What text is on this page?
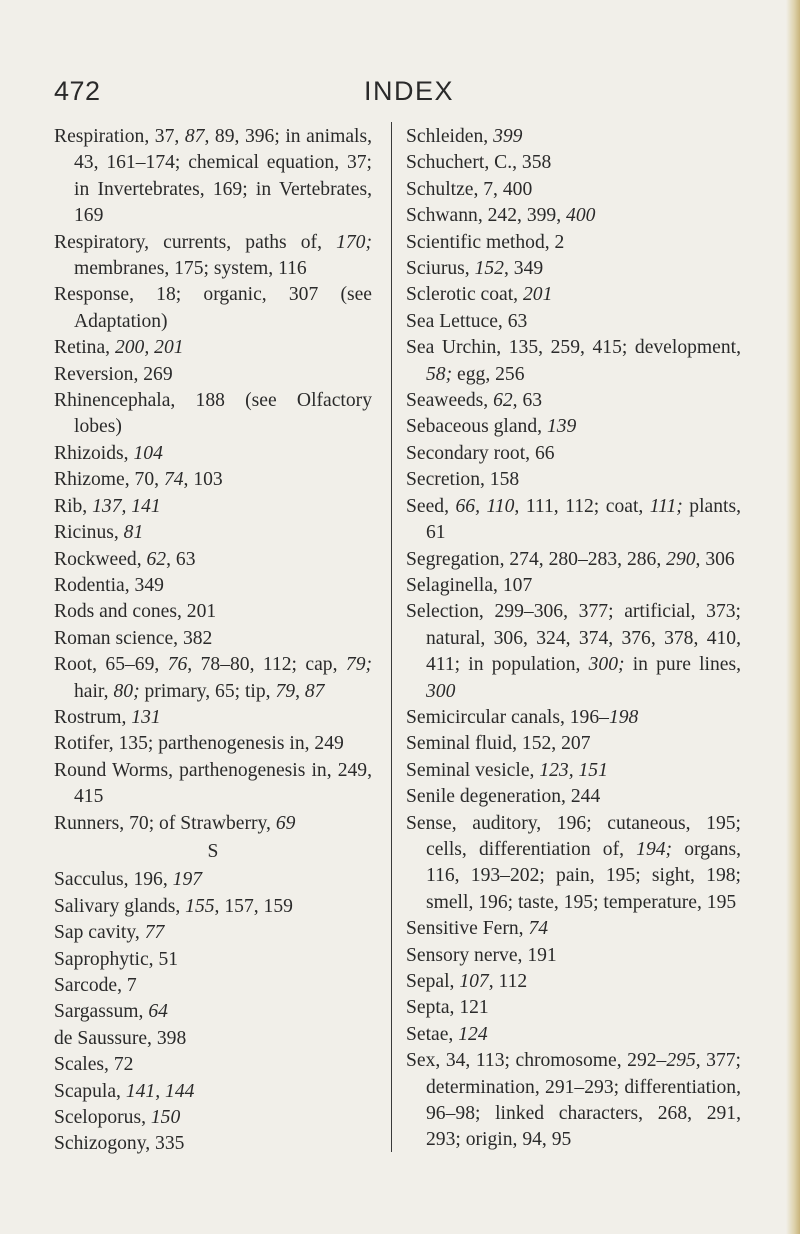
472	INDEX
Respiration, 37, 87, 89, 396; in animals, 43, 161–174; chemical equation, 37; in Invertebrates, 169; in Vertebrates, 169
Respiratory, currents, paths of, 170; membranes, 175; system, 116
Response, 18; organic, 307 (see Adaptation)
Retina, 200, 201
Reversion, 269
Rhinencephala, 188 (see Olfactory lobes)
Rhizoids, 104
Rhizome, 70, 74, 103
Rib, 137, 141
Ricinus, 81
Rockweed, 62, 63
Rodentia, 349
Rods and cones, 201
Roman science, 382
Root, 65–69, 76, 78–80, 112; cap, 79; hair, 80; primary, 65; tip, 79, 87
Rostrum, 131
Rotifer, 135; parthenogenesis in, 249
Round Worms, parthenogenesis in, 249, 415
Runners, 70; of Strawberry, 69
S
Sacculus, 196, 197
Salivary glands, 155, 157, 159
Sap cavity, 77
Saprophytic, 51
Sarcode, 7
Sargassum, 64
de Saussure, 398
Scales, 72
Scapula, 141, 144
Sceloporus, 150
Schizogony, 335
Schleiden, 399
Schuchert, C., 358
Schultze, 7, 400
Schwann, 242, 399, 400
Scientific method, 2
Sciurus, 152, 349
Sclerotic coat, 201
Sea Lettuce, 63
Sea Urchin, 135, 259, 415; development, 58; egg, 256
Seaweeds, 62, 63
Sebaceous gland, 139
Secondary root, 66
Secretion, 158
Seed, 66, 110, 111, 112; coat, 111; plants, 61
Segregation, 274, 280–283, 286, 290, 306
Selaginella, 107
Selection, 299–306, 377; artificial, 373; natural, 306, 324, 374, 376, 378, 410, 411; in population, 300; in pure lines, 300
Semicircular canals, 196–198
Seminal fluid, 152, 207
Seminal vesicle, 123, 151
Senile degeneration, 244
Sense, auditory, 196; cutaneous, 195; cells, differentiation of, 194; organs, 116, 193–202; pain, 195; sight, 198; smell, 196; taste, 195; temperature, 195
Sensitive Fern, 74
Sensory nerve, 191
Sepal, 107, 112
Septa, 121
Setae, 124
Sex, 34, 113; chromosome, 292–295, 377; determination, 291–293; differentiation, 96–98; linked characters, 268, 291, 293; origin, 94, 95
